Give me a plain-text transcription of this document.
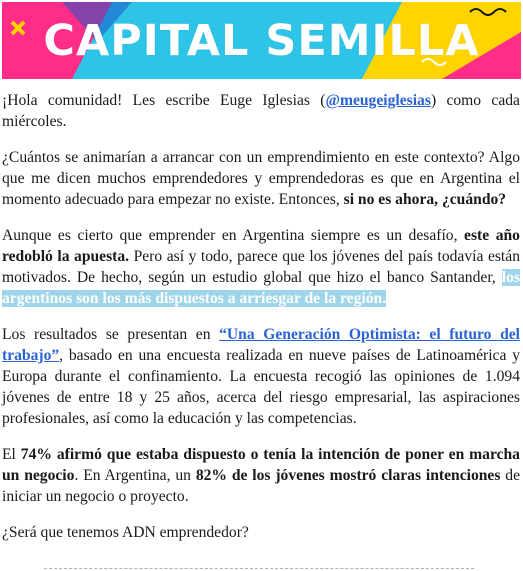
CAPITAL SEMILLA

¡Hola comunidad! Les escribe Euge Iglesias (@meugeiglesias) como cada miércoles.

¿Cuántos se animarían a arrancar con un emprendimiento en este contexto? Algo que me dicen muchos emprendedores y emprendedoras es que en Argentina el momento adecuado para empezar no existe. Entonces, si no es ahora, ¿cuándo?

Aunque es cierto que emprender en Argentina siempre es un desafío, este año redobló la apuesta. Pero así y todo, parece que los jóvenes del país todavía están motivados. De hecho, según un estudio global que hizo el banco Santander, los argentinos son los más dispuestos a arriesgar de la región.

Los resultados se presentan en “Una Generación Optimista: el futuro del trabajo”, basado en una encuesta realizada en nueve países de Latinoamérica y Europa durante el confinamiento. La encuesta recogió las opiniones de 1.094 jóvenes de entre 18 y 25 años, acerca del riesgo empresarial, las aspiraciones profesionales, así como la educación y las competencias.

El 74% afirmó que estaba dispuesto o tenía la intención de poner en marcha un negocio. En Argentina, un 82% de los jóvenes mostró claras intenciones de iniciar un negocio o proyecto.

¿Será que tenemos ADN emprendedor?
